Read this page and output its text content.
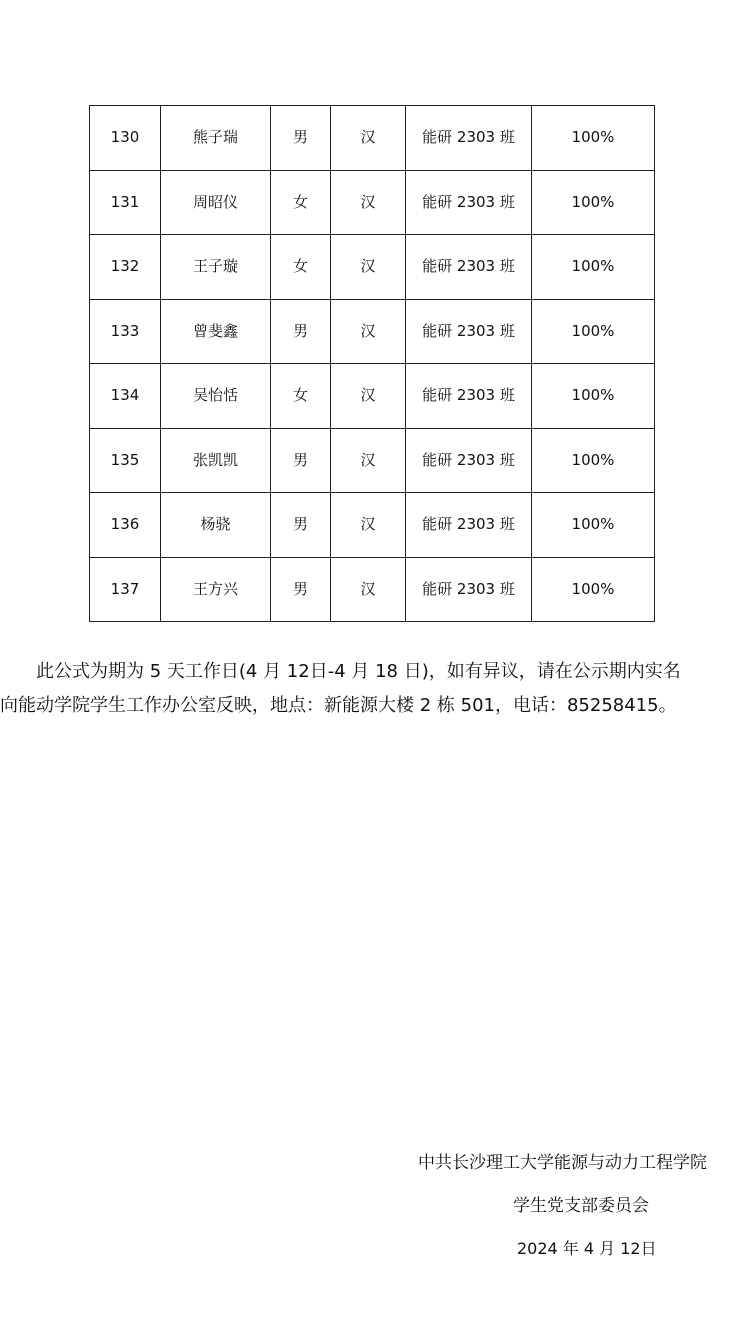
130	熊子瑞	男	汉	能研 2303 班	100%
131	周昭仪	女	汉	能研 2303 班	100%
132	王子璇	女	汉	能研 2303 班	100%
133	曾斐鑫	男	汉	能研 2303 班	100%
134	吴怡恬	女	汉	能研 2303 班	100%
135	张凯凯	男	汉	能研 2303 班	100%
136	杨骁	男	汉	能研 2303 班	100%
137	王方兴	男	汉	能研 2303 班	100%
此公式为期为 5 天工作日(4 月 12日-4 月 18 日)，如有异议，请在公示期内实名
向能动学院学生工作办公室反映，地点：新能源大楼 2 栋 501，电话：85258415。
中共长沙理工大学能源与动力工程学院
学生党支部委员会
2024 年 4 月 12日
